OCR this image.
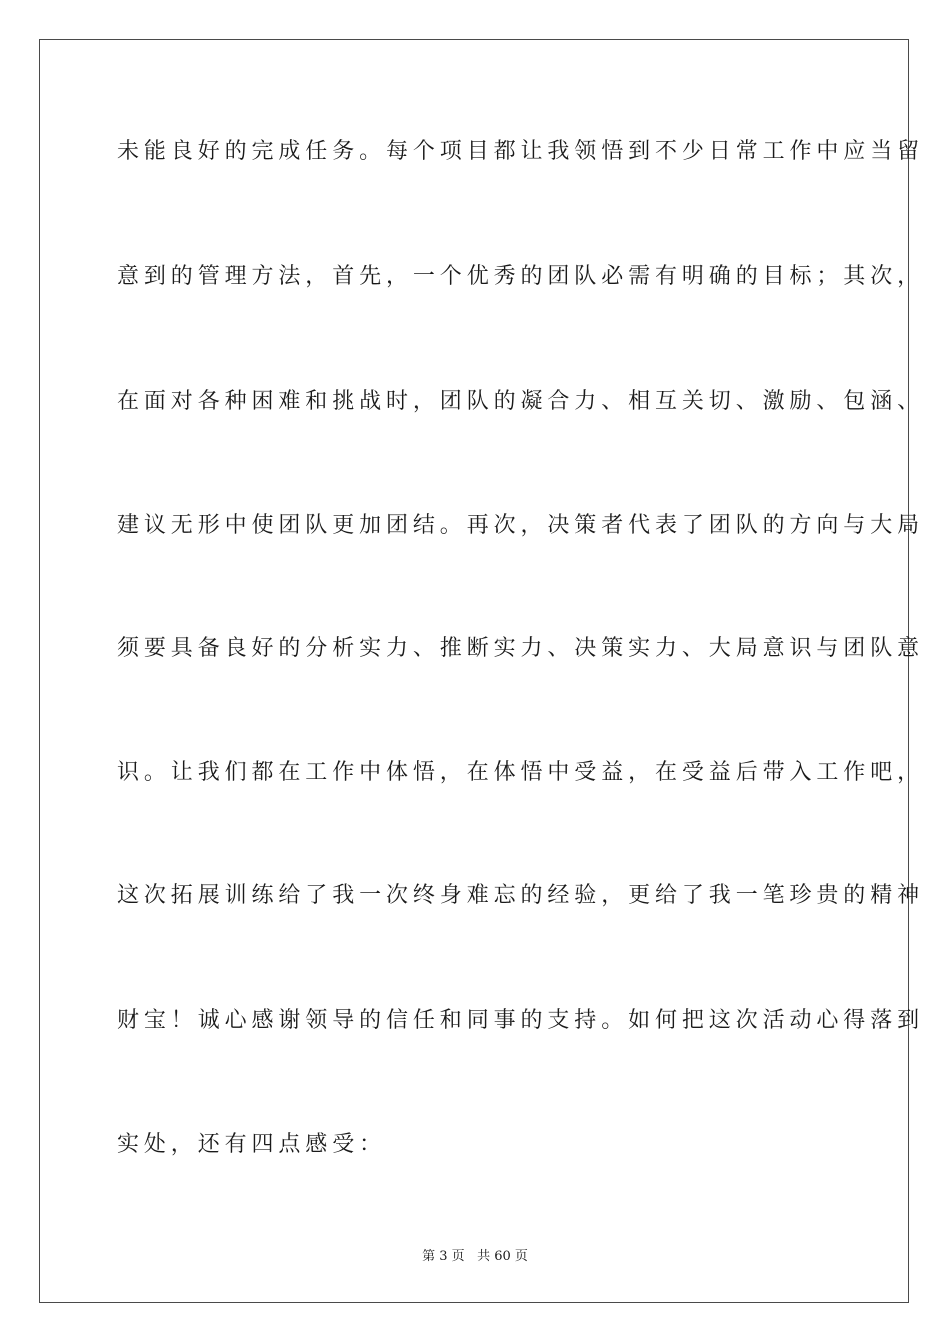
未能良好的完成任务。每个项目都让我领悟到不少日常工作中应当留
意到的管理方法，首先，一个优秀的团队必需有明确的目标；其次，
在面对各种困难和挑战时，团队的凝合力、相互关切、激励、包涵、
建议无形中使团队更加团结。再次，决策者代表了团队的方向与大局
须要具备良好的分析实力、推断实力、决策实力、大局意识与团队意
识。让我们都在工作中体悟，在体悟中受益，在受益后带入工作吧，
这次拓展训练给了我一次终身难忘的经验，更给了我一笔珍贵的精神
财宝！诚心感谢领导的信任和同事的支持。如何把这次活动心得落到
实处，还有四点感受：
第 3 页 共 60 页
